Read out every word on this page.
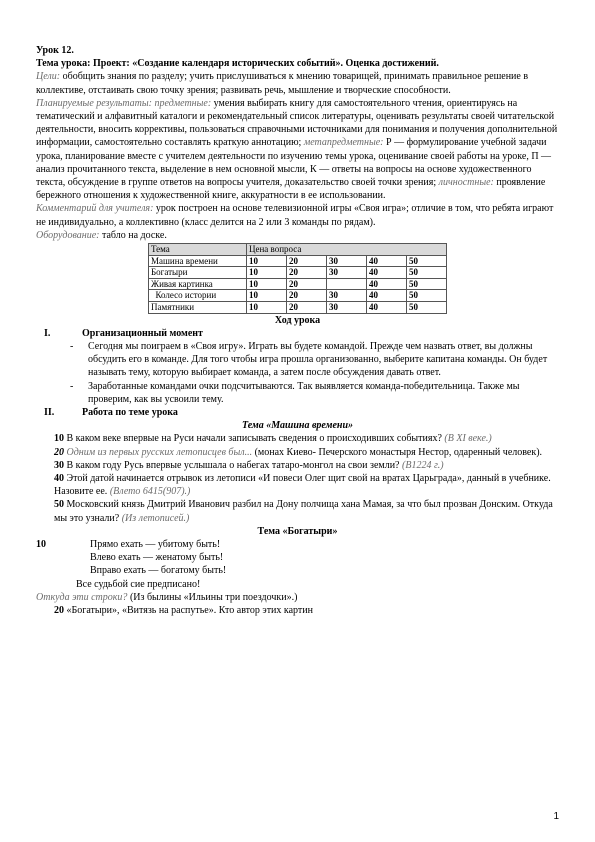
Урок 12.

Тема урока: Проект: «Создание календаря исторических событий». Оценка достижений.

Цели: обобщить знания по разделу; учить прислушиваться к мнению товарищей, принимать правильное решение в коллективе, отстаивать свою точку зрения; развивать речь, мышление и творческие способности.

Планируемые результаты: предметные: умения выбирать книгу для самостоятельного чтения, ориентируясь на тематический и алфавитный каталоги и рекомендательный список литературы, оценивать результаты своей читательской деятельности, вносить коррективы, пользоваться справочными источниками для понимания и получения дополнительной информации, самостоятельно составлять краткую аннотацию; метапредметные: Р — формулирование учебной задачи урока, планирование вместе с учителем деятельности по изучению темы урока, оценивание своей работы на уроке, П — анализ прочитанного текста, выделение в нем основной мысли, К — ответы на вопросы на основе художественного текста, обсуждение в группе ответов на вопросы учителя, доказательство своей точки зрения; личностные: проявление бережного отношения к художественной книге, аккуратности в ее использовании.

Комментарий для учителя: урок построен на основе телевизионной игры «Своя игра»; отличие в том, что ребята играют не индивидуально, а коллективно (класс делится на 2 или 3 команды по рядам).

Оборудование: табло на доске.

Тема	Цена вопроса				
Машина времени	10	20	30	40	50
Богатыри	10	20	30	40	50
Живая картинка	10	20		40	50
Колесо истории	10	20	30	40	50
Памятники	10	20	30	40	50

Ход урока

I.	Организационный момент

- Сегодня мы поиграем в «Своя игру». Играть вы будете командой. Прежде чем назвать ответ, вы должны обсудить его в команде. Для того чтобы игра прошла организованно, выберите капитана команды. Он будет называть тему, которую выбирает команда, а затем после обсуждения давать ответ.

- Заработанные командами очки подсчитываются. Так выявляется команда-победительница. Также мы проверим, как вы усвоили тему.

II.	Работа по теме урока

Тема «Машина времени»

10 В каком веке впервые на Руси начали записывать сведения о происходивших событиях? (В XI веке.)

20 Одним из первых русских летописцев был... (монах Киево- Печерского монастыря Нестор, одаренный человек).

30 В каком году Русь впервые услышала о набегах татаро-монгол на свои земли? (В1224 г.)

40 Этой датой начинается отрывок из летописи «И повеси Олег щит свой на вратах Царьграда», данный в учебнике. Назовите ее. (Влето 6415(907).)

50 Московский князь Дмитрий Иванович разбил на Дону полчища хана Мамая, за что был прозван Донским. Откуда мы это узнали? (Из летописей.)

Тема «Богатыри»

10	Прямо ехать — убитому быть!

Влево ехать — женатому быть!

Вправо ехать — богатому быть!

Все судьбой сие предписано!

Откуда эти строки? (Из былины «Ильины три поездочки».)

20 «Богатыри», «Витязь на распутье». Кто автор этих картин

1
